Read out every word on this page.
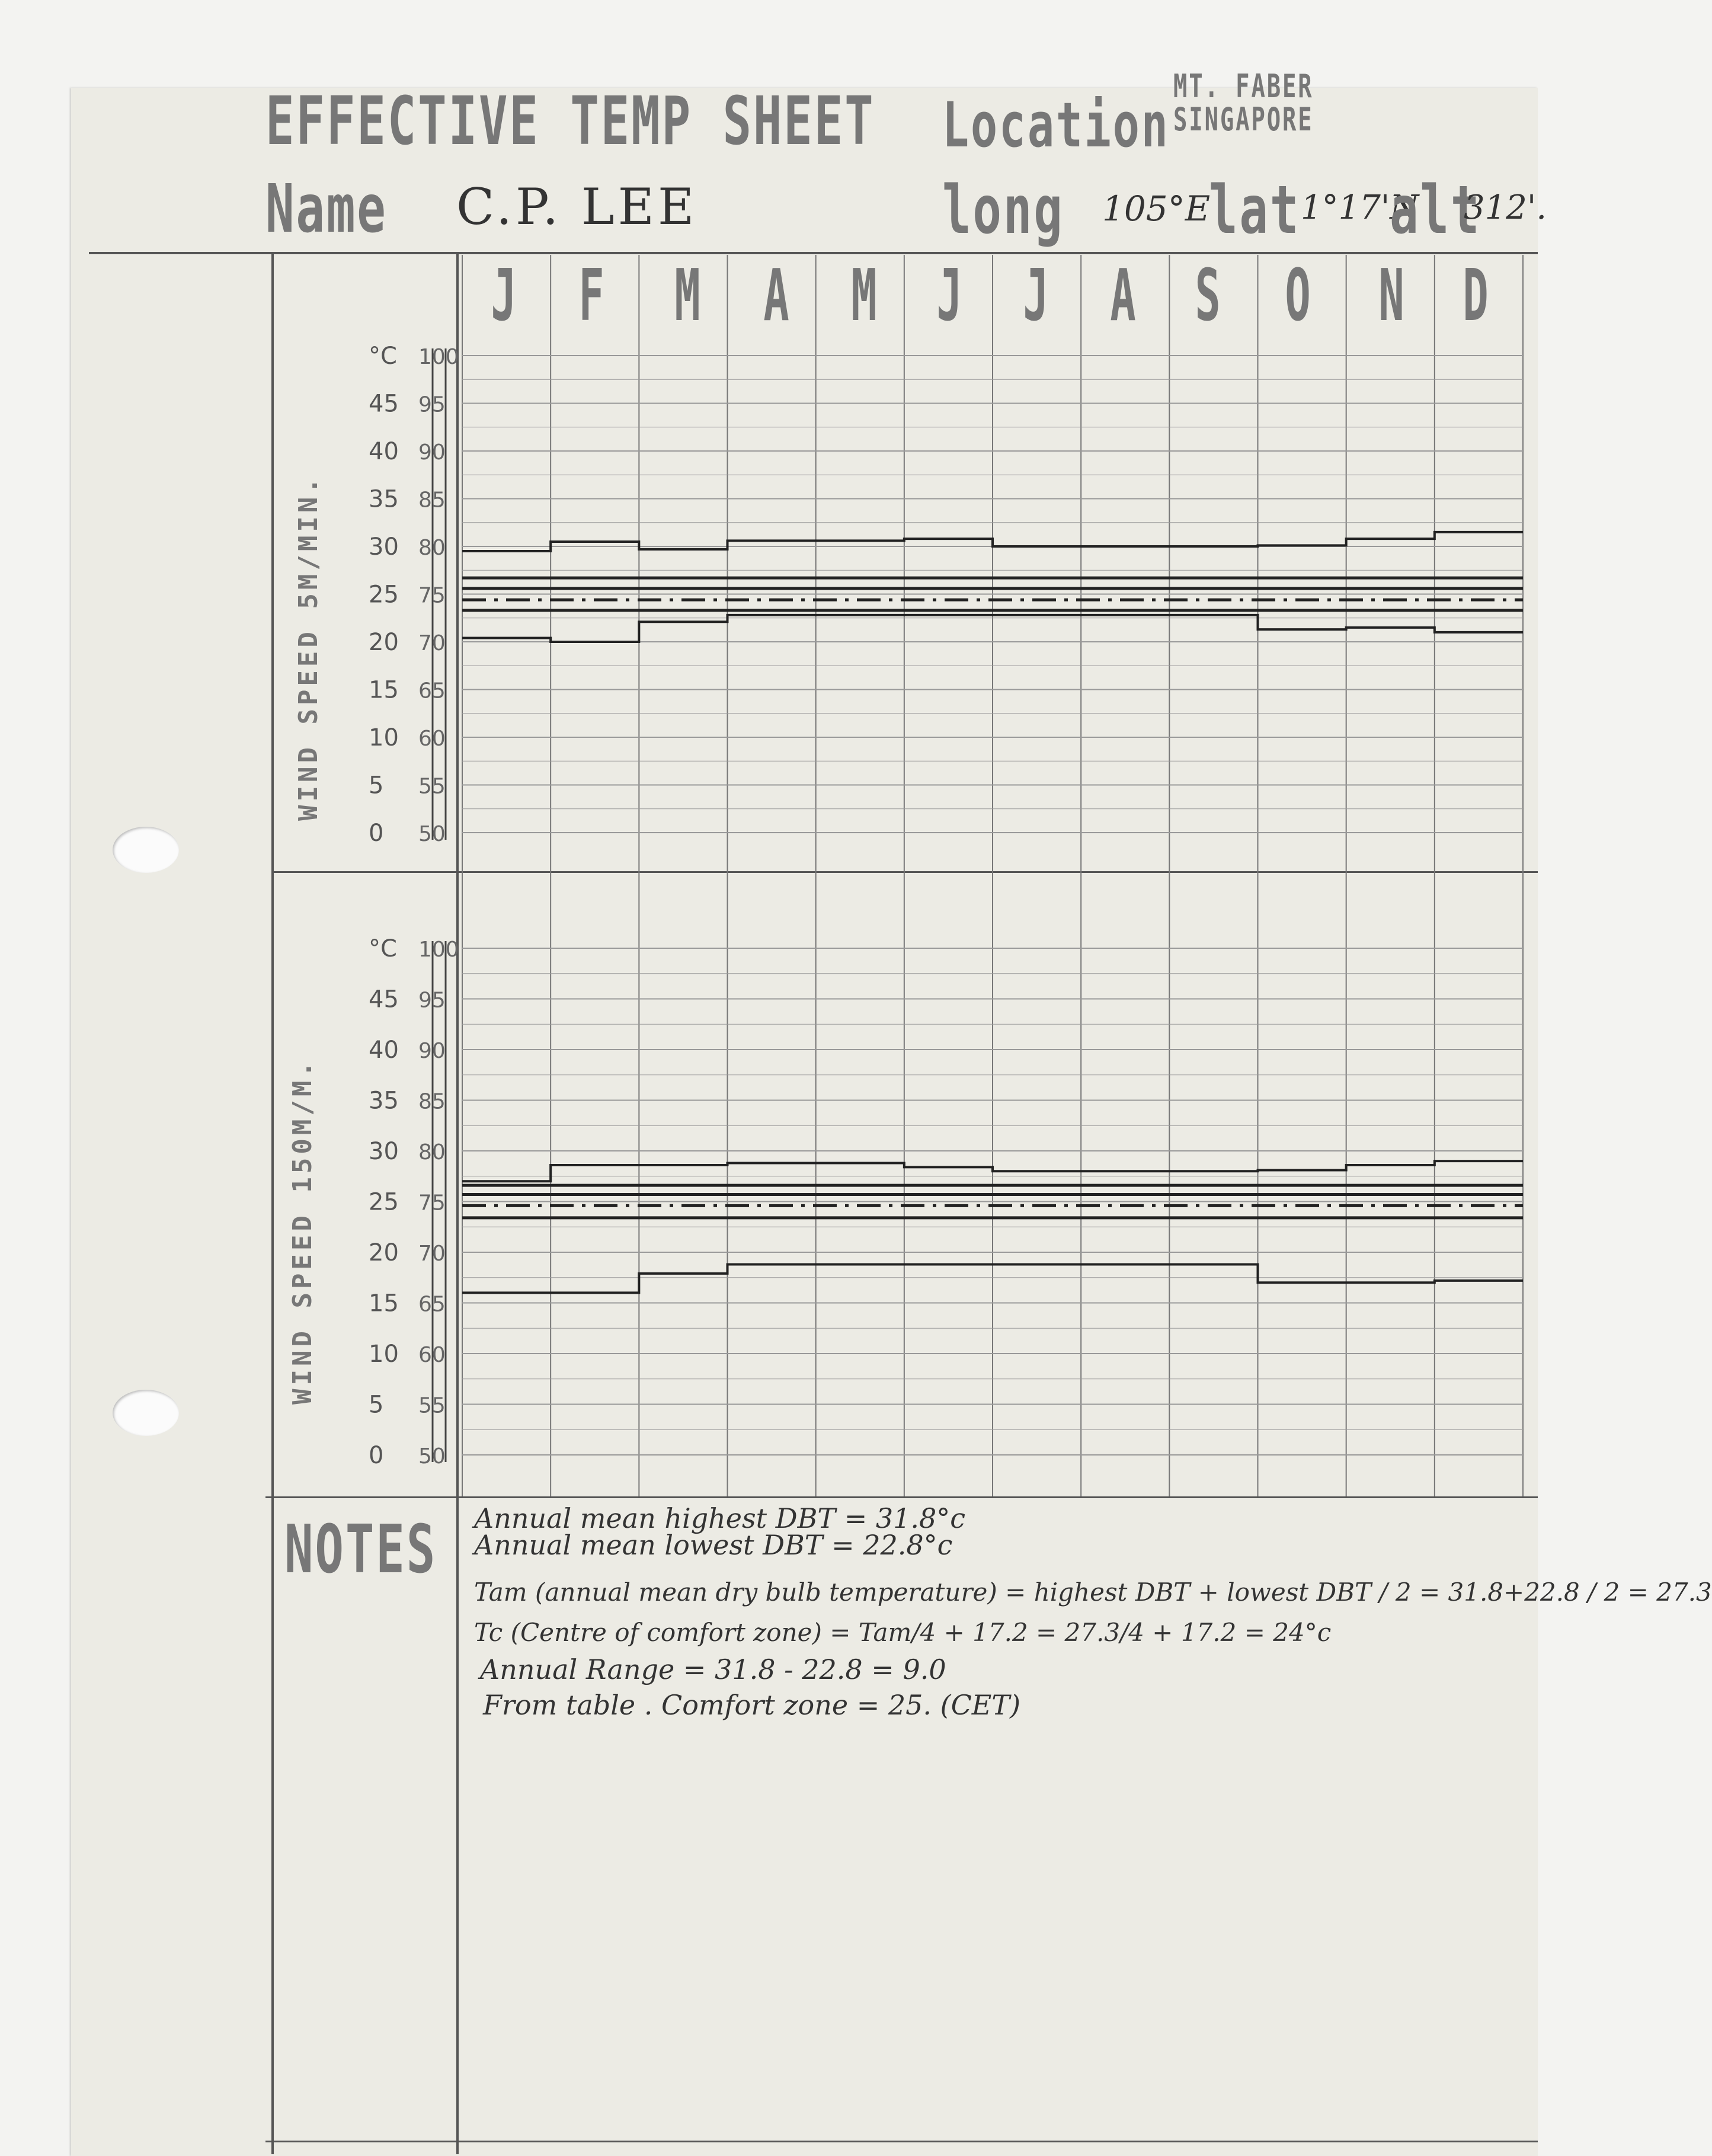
EFFECTIVE TEMP SHEET Location
MT. FABER
SINGAPORE
Name C.P. LEE	long 105°E
lat 1°17'N
alt
312'.
J F M A M J J A S O N D
WIND SPEED 5M/MIN.
WIND SPEED 150M/M.
°C 100
45 95
40 90
35 85
30 80
25 75
20 70
15 65
10 60
5 55
0 50
°C 100
45 95
40 90
35 85
30 80
25 75
20 70
15 65
10 60
5 55
0 50
NOTES Annual mean highest DBT = 31.8°c
Annual mean lowest DBT = 22.8°c
Tam (annual mean dry bulb temperature) = highest DBT + lowest DBT / 2 = 31.8+22.8 / 2 = 27.3
Tc (Centre of comfort zone) = Tam/4 + 17.2 = 27.3/4 + 17.2 = 24°c
Annual Range = 31.8 - 22.8 = 9.0
From table . Comfort zone = 25. (CET)
